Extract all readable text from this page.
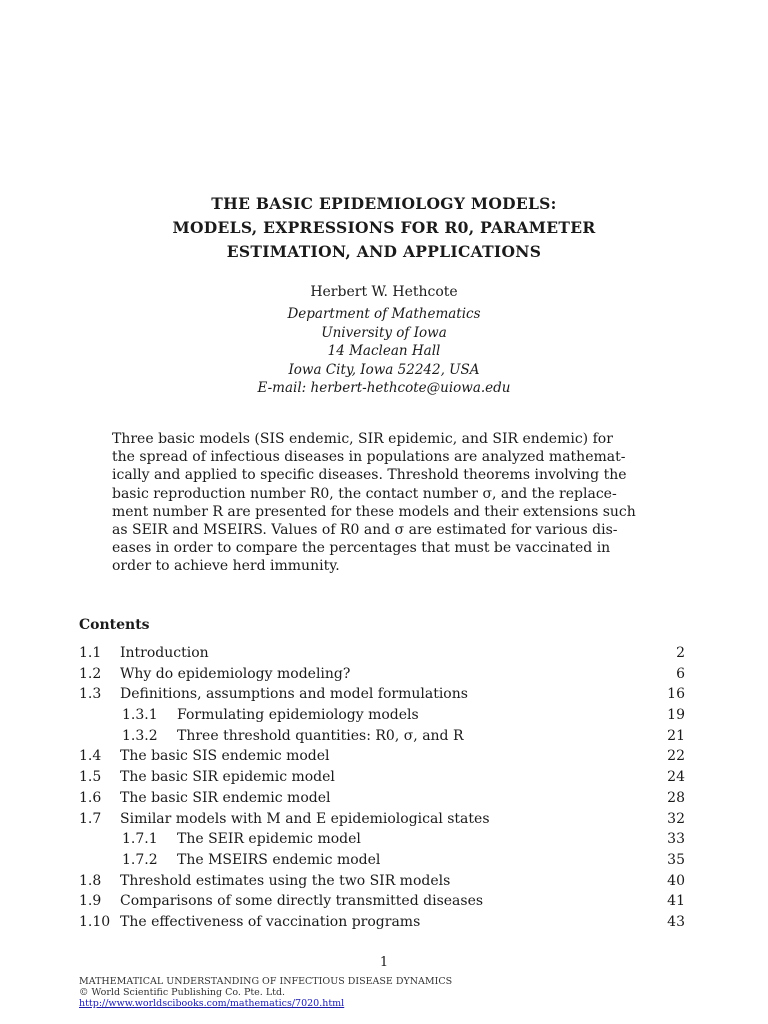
THE BASIC EPIDEMIOLOGY MODELS:
MODELS, EXPRESSIONS FOR R0, PARAMETER
ESTIMATION, AND APPLICATIONS
Herbert W. Hethcote
Department of Mathematics
University of Iowa
14 Maclean Hall
Iowa City, Iowa 52242, USA
E-mail: herbert-hethcote@uiowa.edu
Three basic models (SIS endemic, SIR epidemic, and SIR endemic) for
the spread of infectious diseases in populations are analyzed mathemat-
ically and applied to specific diseases. Threshold theorems involving the
basic reproduction number R0, the contact number σ, and the replace-
ment number R are presented for these models and their extensions such
as SEIR and MSEIRS. Values of R0 and σ are estimated for various dis-
eases in order to compare the percentages that must be vaccinated in
order to achieve herd immunity.
Contents
1.1 Introduction	2
1.2 Why do epidemiology modeling?	6
1.3 Definitions, assumptions and model formulations	16
1.3.1 Formulating epidemiology models	19
1.3.2 Three threshold quantities: R0, σ, and R	21
1.4 The basic SIS endemic model	22
1.5 The basic SIR epidemic model	24
1.6 The basic SIR endemic model	28
1.7 Similar models with M and E epidemiological states	32
1.7.1 The SEIR epidemic model	33
1.7.2 The MSEIRS endemic model	35
1.8 Threshold estimates using the two SIR models	40
1.9 Comparisons of some directly transmitted diseases	41
1.10 The effectiveness of vaccination programs	43
1
MATHEMATICAL UNDERSTANDING OF INFECTIOUS DISEASE DYNAMICS
© World Scientific Publishing Co. Pte. Ltd.
http://www.worldscibooks.com/mathematics/7020.html
